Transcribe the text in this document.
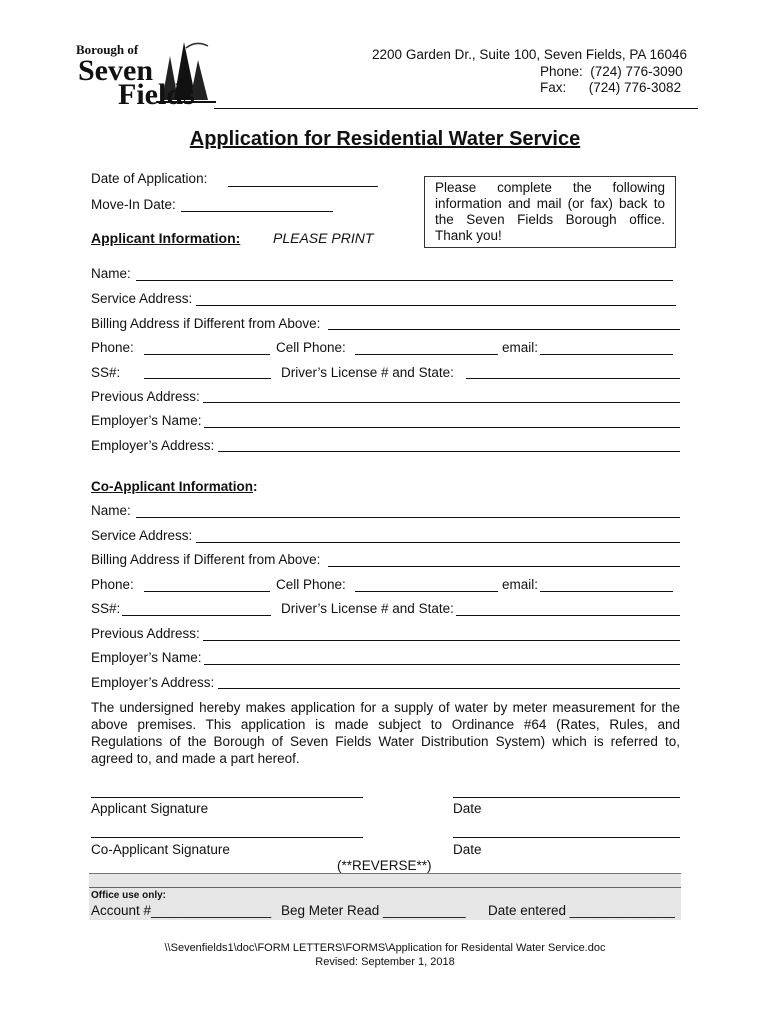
Borough of
Seven
Fields
2200 Garden Dr., Suite 100, Seven Fields, PA 16046
Phone:  (724) 776-3090
Fax:      (724) 776-3082
Application for Residential Water Service
Date of Application:
Move-In Date:
Please complete the following information and mail (or fax) back to the Seven Fields Borough office. Thank you!
Applicant Information: PLEASE PRINT
Name:
Service Address:
Billing Address if Different from Above:
Phone:	Cell Phone:	email:
SS#:	Driver’s License # and State:
Previous Address:
Employer’s Name:
Employer’s Address:
Co-Applicant Information:
Name:
Service Address:
Billing Address if Different from Above:
Phone:	Cell Phone:	email:
SS#:	Driver’s License # and State:
Previous Address:
Employer’s Name:
Employer’s Address:
The undersigned hereby makes application for a supply of water by meter measurement for the above premises. This application is made subject to Ordinance #64 (Rates, Rules, and Regulations of the Borough of Seven Fields Water Distribution System) which is referred to, agreed to, and made a part hereof.
Applicant Signature	Date
Co-Applicant Signature	Date
(**REVERSE**)
Office use only:
Account #________________ Beg Meter Read ___________ Date entered ______________
\\Sevenfields1\doc\FORM LETTERS\FORMS\Application for Residental Water Service.doc
Revised: September 1, 2018
